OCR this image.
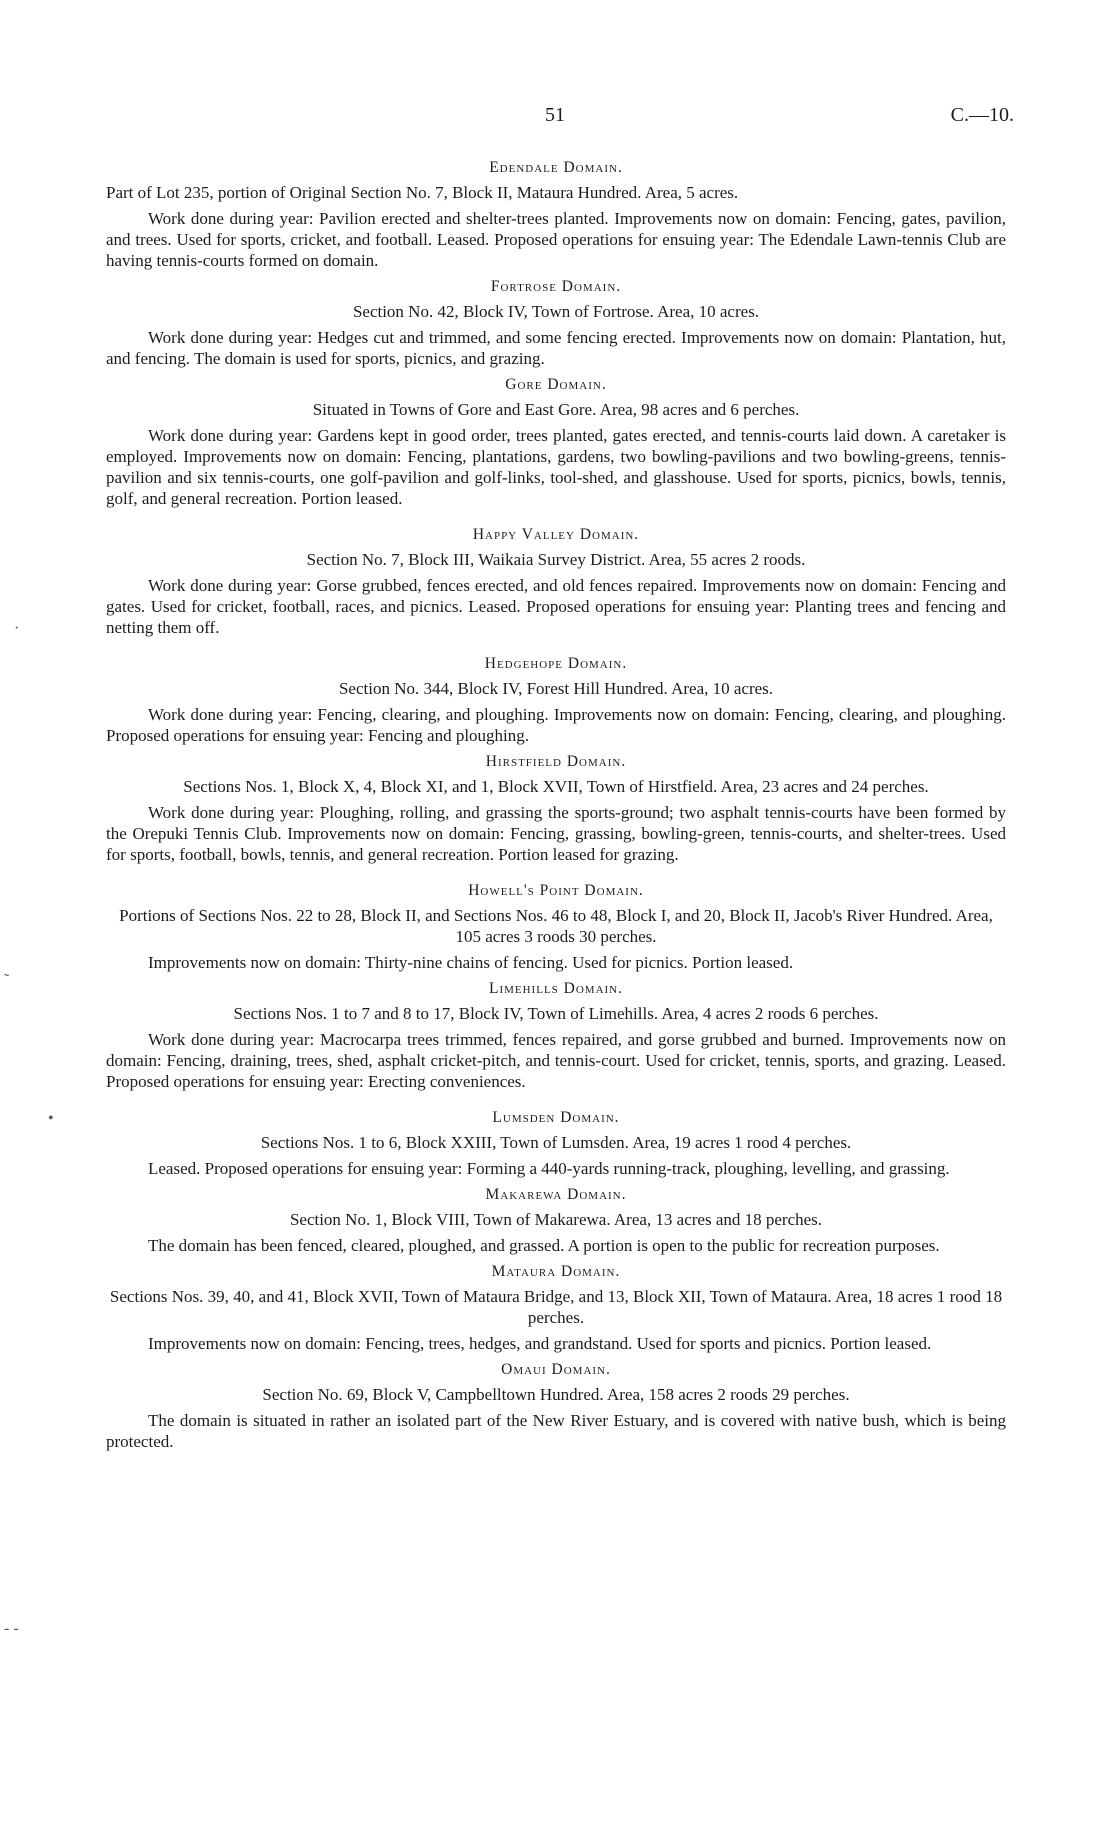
51	C.—10.
Edendale Domain.
Part of Lot 235, portion of Original Section No. 7, Block II, Mataura Hundred. Area, 5 acres.

Work done during year: Pavilion erected and shelter-trees planted. Improvements now on domain: Fencing, gates, pavilion, and trees. Used for sports, cricket, and football. Leased. Proposed operations for ensuing year: The Edendale Lawn-tennis Club are having tennis-courts formed on domain.

Fortrose Domain.
Section No. 42, Block IV, Town of Fortrose. Area, 10 acres.

Work done during year: Hedges cut and trimmed, and some fencing erected. Improvements now on domain: Plantation, hut, and fencing. The domain is used for sports, picnics, and grazing.

Gore Domain.
Situated in Towns of Gore and East Gore. Area, 98 acres and 6 perches.

Work done during year: Gardens kept in good order, trees planted, gates erected, and tennis-courts laid down. A caretaker is employed. Improvements now on domain: Fencing, plantations, gardens, two bowling-pavilions and two bowling-greens, tennis-pavilion and six tennis-courts, one golf-pavilion and golf-links, tool-shed, and glasshouse. Used for sports, picnics, bowls, tennis, golf, and general recreation. Portion leased.

Happy Valley Domain.
Section No. 7, Block III, Waikaia Survey District. Area, 55 acres 2 roods.

Work done during year: Gorse grubbed, fences erected, and old fences repaired. Improvements now on domain: Fencing and gates. Used for cricket, football, races, and picnics. Leased. Proposed operations for ensuing year: Planting trees and fencing and netting them off.

Hedgehope Domain.
Section No. 344, Block IV, Forest Hill Hundred. Area, 10 acres.

Work done during year: Fencing, clearing, and ploughing. Improvements now on domain: Fencing, clearing, and ploughing. Proposed operations for ensuing year: Fencing and ploughing.

Hirstfield Domain.
Sections Nos. 1, Block X, 4, Block XI, and 1, Block XVII, Town of Hirstfield. Area, 23 acres and 24 perches.

Work done during year: Ploughing, rolling, and grassing the sports-ground; two asphalt tennis-courts have been formed by the Orepuki Tennis Club. Improvements now on domain: Fencing, grassing, bowling-green, tennis-courts, and shelter-trees. Used for sports, football, bowls, tennis, and general recreation. Portion leased for grazing.

Howell's Point Domain.
Portions of Sections Nos. 22 to 28, Block II, and Sections Nos. 46 to 48, Block I, and 20, Block II, Jacob's River Hundred. Area, 105 acres 3 roods 30 perches.

Improvements now on domain: Thirty-nine chains of fencing. Used for picnics. Portion leased.

Limehills Domain.
Sections Nos. 1 to 7 and 8 to 17, Block IV, Town of Limehills. Area, 4 acres 2 roods 6 perches.

Work done during year: Macrocarpa trees trimmed, fences repaired, and gorse grubbed and burned. Improvements now on domain: Fencing, draining, trees, shed, asphalt cricket-pitch, and tennis-court. Used for cricket, tennis, sports, and grazing. Leased. Proposed operations for ensuing year: Erecting conveniences.

Lumsden Domain.
Sections Nos. 1 to 6, Block XXIII, Town of Lumsden. Area, 19 acres 1 rood 4 perches.

Leased. Proposed operations for ensuing year: Forming a 440-yards running-track, ploughing, levelling, and grassing.

Makarewa Domain.
Section No. 1, Block VIII, Town of Makarewa. Area, 13 acres and 18 perches.

The domain has been fenced, cleared, ploughed, and grassed. A portion is open to the public for recreation purposes.

Mataura Domain.
Sections Nos. 39, 40, and 41, Block XVII, Town of Mataura Bridge, and 13, Block XII, Town of Mataura. Area, 18 acres 1 rood 18 perches.

Improvements now on domain: Fencing, trees, hedges, and grandstand. Used for sports and picnics. Portion leased.

Omaui Domain.
Section No. 69, Block V, Campbelltown Hundred. Area, 158 acres 2 roods 29 perches.

The domain is situated in rather an isolated part of the New River Estuary, and is covered with native bush, which is being protected.

·
˷
•
- -
